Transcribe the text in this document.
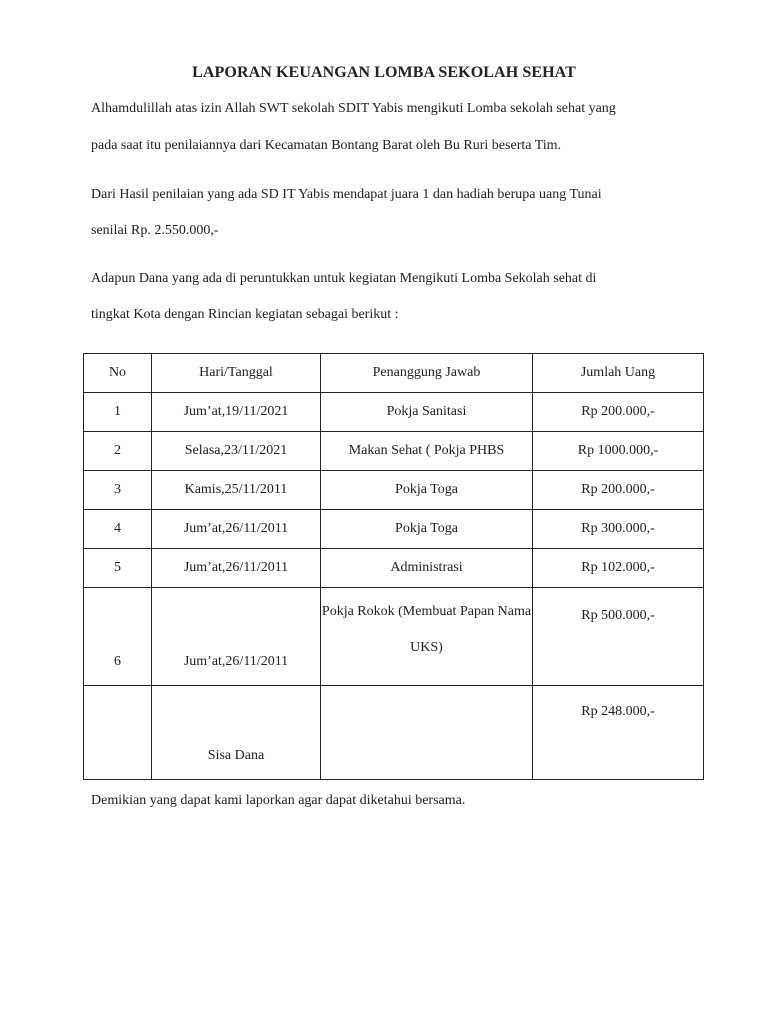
LAPORAN KEUANGAN LOMBA SEKOLAH SEHAT
Alhamdulillah atas izin Allah SWT sekolah SDIT Yabis mengikuti Lomba sekolah sehat yang
pada saat itu penilaiannya dari Kecamatan Bontang Barat oleh Bu Ruri beserta Tim.
Dari Hasil penilaian yang ada SD IT Yabis mendapat juara 1 dan hadiah berupa uang Tunai
senilai Rp. 2.550.000,-
Adapun Dana yang ada di peruntukkan untuk kegiatan Mengikuti Lomba Sekolah sehat di
tingkat Kota dengan Rincian kegiatan sebagai berikut :
No	Hari/Tanggal	Penanggung Jawab	Jumlah Uang
1	Jum’at,19/11/2021	Pokja Sanitasi	Rp 200.000,-
2	Selasa,23/11/2021	Makan Sehat ( Pokja PHBS	Rp 1000.000,-
3	Kamis,25/11/2011	Pokja Toga	Rp 200.000,-
4	Jum’at,26/11/2011	Pokja Toga	Rp 300.000,-
5	Jum’at,26/11/2011	Administrasi	Rp 102.000,-
6	Jum’at,26/11/2011	Pokja Rokok (Membuat Papan Nama UKS)	Rp 500.000,-
	Sisa Dana		Rp 248.000,-
Demikian yang dapat kami laporkan agar dapat diketahui bersama.
